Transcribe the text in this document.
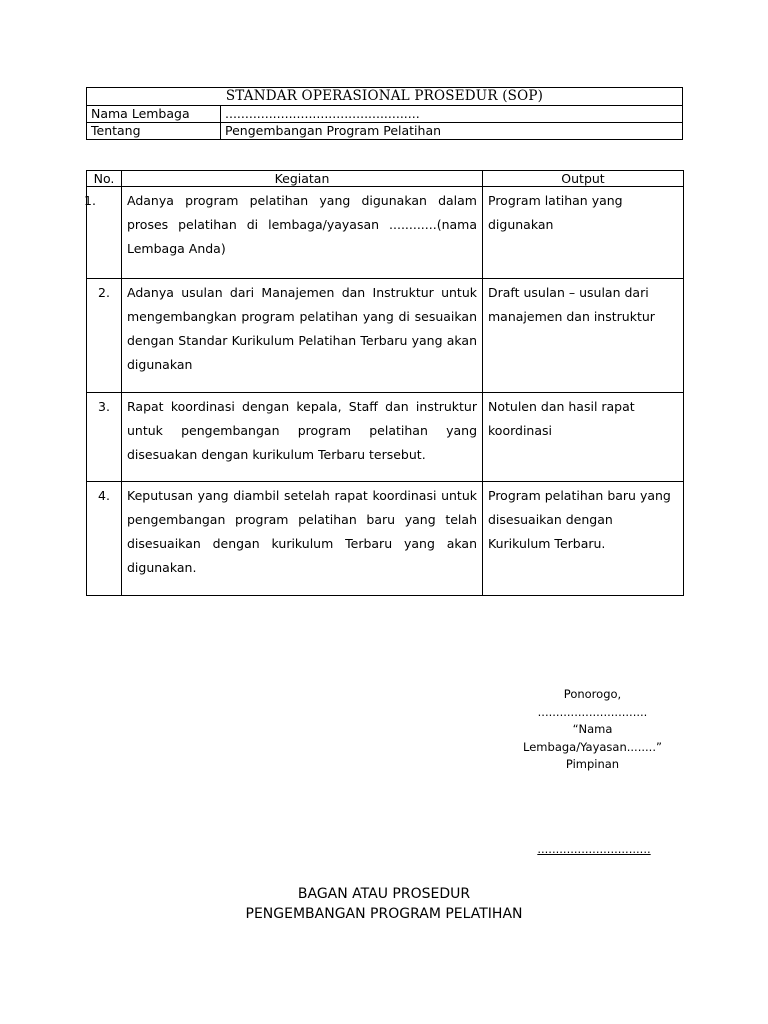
STANDAR OPERASIONAL PROSEDUR (SOP)	
Nama Lembaga	.................................................
Tentang	Pengembangan Program Pelatihan
No.	Kegiatan	Output
1.	Adanya program pelatihan yang digunakan dalam proses pelatihan di lembaga/yayasan ............(nama Lembaga Anda)	Program latihan yang digunakan
2.	Adanya usulan dari Manajemen dan Instruktur untuk mengembangkan program pelatihan yang di sesuaikan dengan Standar Kurikulum Pelatihan Terbaru yang akan digunakan	Draft usulan – usulan dari manajemen dan instruktur
3.	Rapat koordinasi dengan kepala, Staff dan instruktur untuk pengembangan program pelatihan yang disesuakan dengan kurikulum Terbaru tersebut.	Notulen dan hasil rapat koordinasi
4.	Keputusan yang diambil setelah rapat koordinasi untuk pengembangan program pelatihan baru yang telah disesuaikan dengan kurikulum Terbaru yang akan digunakan.	Program pelatihan baru yang disesuaikan dengan Kurikulum Terbaru.
Ponorogo,
..............................
“Nama
Lembaga/Yayasan........”
Pimpinan
...............................
BAGAN ATAU PROSEDUR
PENGEMBANGAN PROGRAM PELATIHAN
